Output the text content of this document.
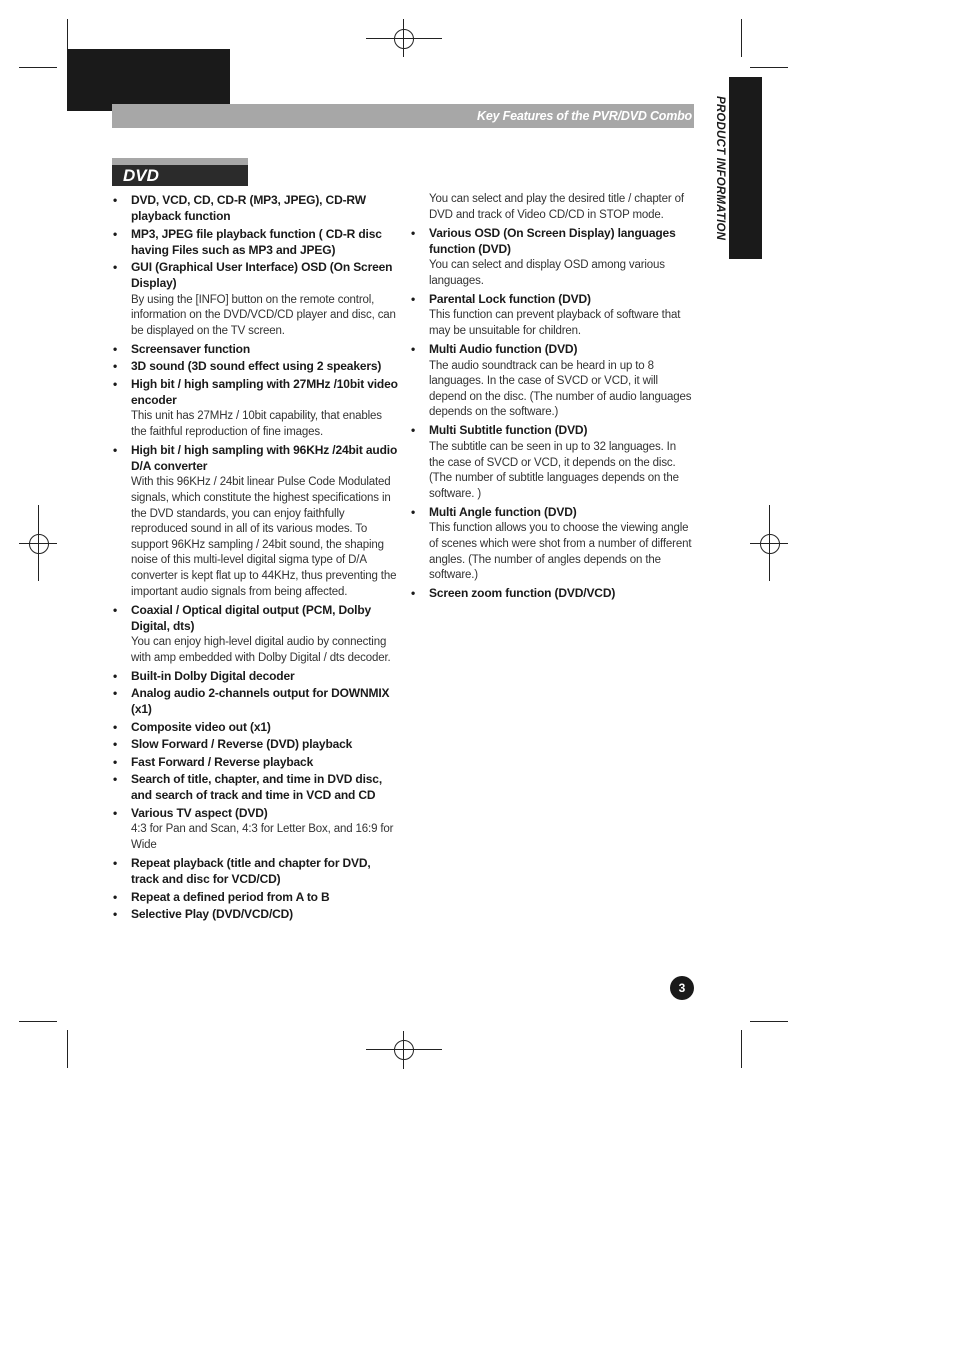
Key Features of the PVR/DVD Combo	PRODUCT INFORMATION
DVD
• DVD, VCD, CD, CD-R (MP3, JPEG), CD-RW playback function
• MP3, JPEG file playback function ( CD-R disc having Files such as MP3 and JPEG)
• GUI (Graphical User Interface) OSD (On Screen Display)
By using the [INFO] button on the remote control, information on the DVD/VCD/CD player and disc, can be displayed on the TV screen.
• Screensaver function
• 3D sound (3D sound effect using 2 speakers)
• High bit / high sampling with 27MHz /10bit video encoder
This unit has 27MHz / 10bit capability, that enables the faithful reproduction of fine images.
• High bit / high sampling with 96KHz /24bit audio D/A converter
With this 96KHz / 24bit linear Pulse Code Modulated signals, which constitute the highest specifications in the DVD standards, you can enjoy faithfully reproduced sound in all of its various modes. To support 96KHz sampling / 24bit sound, the shaping noise of this multi-level digital sigma type of D/A converter is kept flat up to 44KHz, thus preventing the important audio signals from being affected.
• Coaxial / Optical digital output (PCM, Dolby Digital, dts)
You can enjoy high-level digital audio by connecting with amp embedded with Dolby Digital / dts decoder.
• Built-in Dolby Digital decoder
• Analog audio 2-channels output for DOWNMIX (x1)
• Composite video out (x1)
• Slow Forward / Reverse (DVD) playback
• Fast Forward / Reverse playback
• Search of title, chapter, and time in DVD disc, and search of track and time in VCD and CD
• Various TV aspect (DVD)
4:3 for Pan and Scan, 4:3 for Letter Box, and 16:9 for Wide
• Repeat playback (title and chapter for DVD, track and disc for VCD/CD)
• Repeat a defined period from A to B
• Selective Play (DVD/VCD/CD)
You can select and play the desired title / chapter of DVD and track of Video CD/CD in STOP mode.
• Various OSD (On Screen Display) languages function (DVD)
You can select and display OSD among various languages.
• Parental Lock function (DVD)
This function can prevent playback of software that may be unsuitable for children.
• Multi Audio function (DVD)
The audio soundtrack can be heard in up to 8 languages. In the case of SVCD or VCD, it will depend on the disc. (The number of audio languages depends on the software.)
• Multi Subtitle function (DVD)
The subtitle can be seen in up to 32 languages. In the case of SVCD or VCD, it depends on the disc. (The number of subtitle languages depends on the software. )
• Multi Angle function (DVD)
This function allows you to choose the viewing angle of scenes which were shot from a number of different angles. (The number of angles depends on the software.)
• Screen zoom function (DVD/VCD)
3
